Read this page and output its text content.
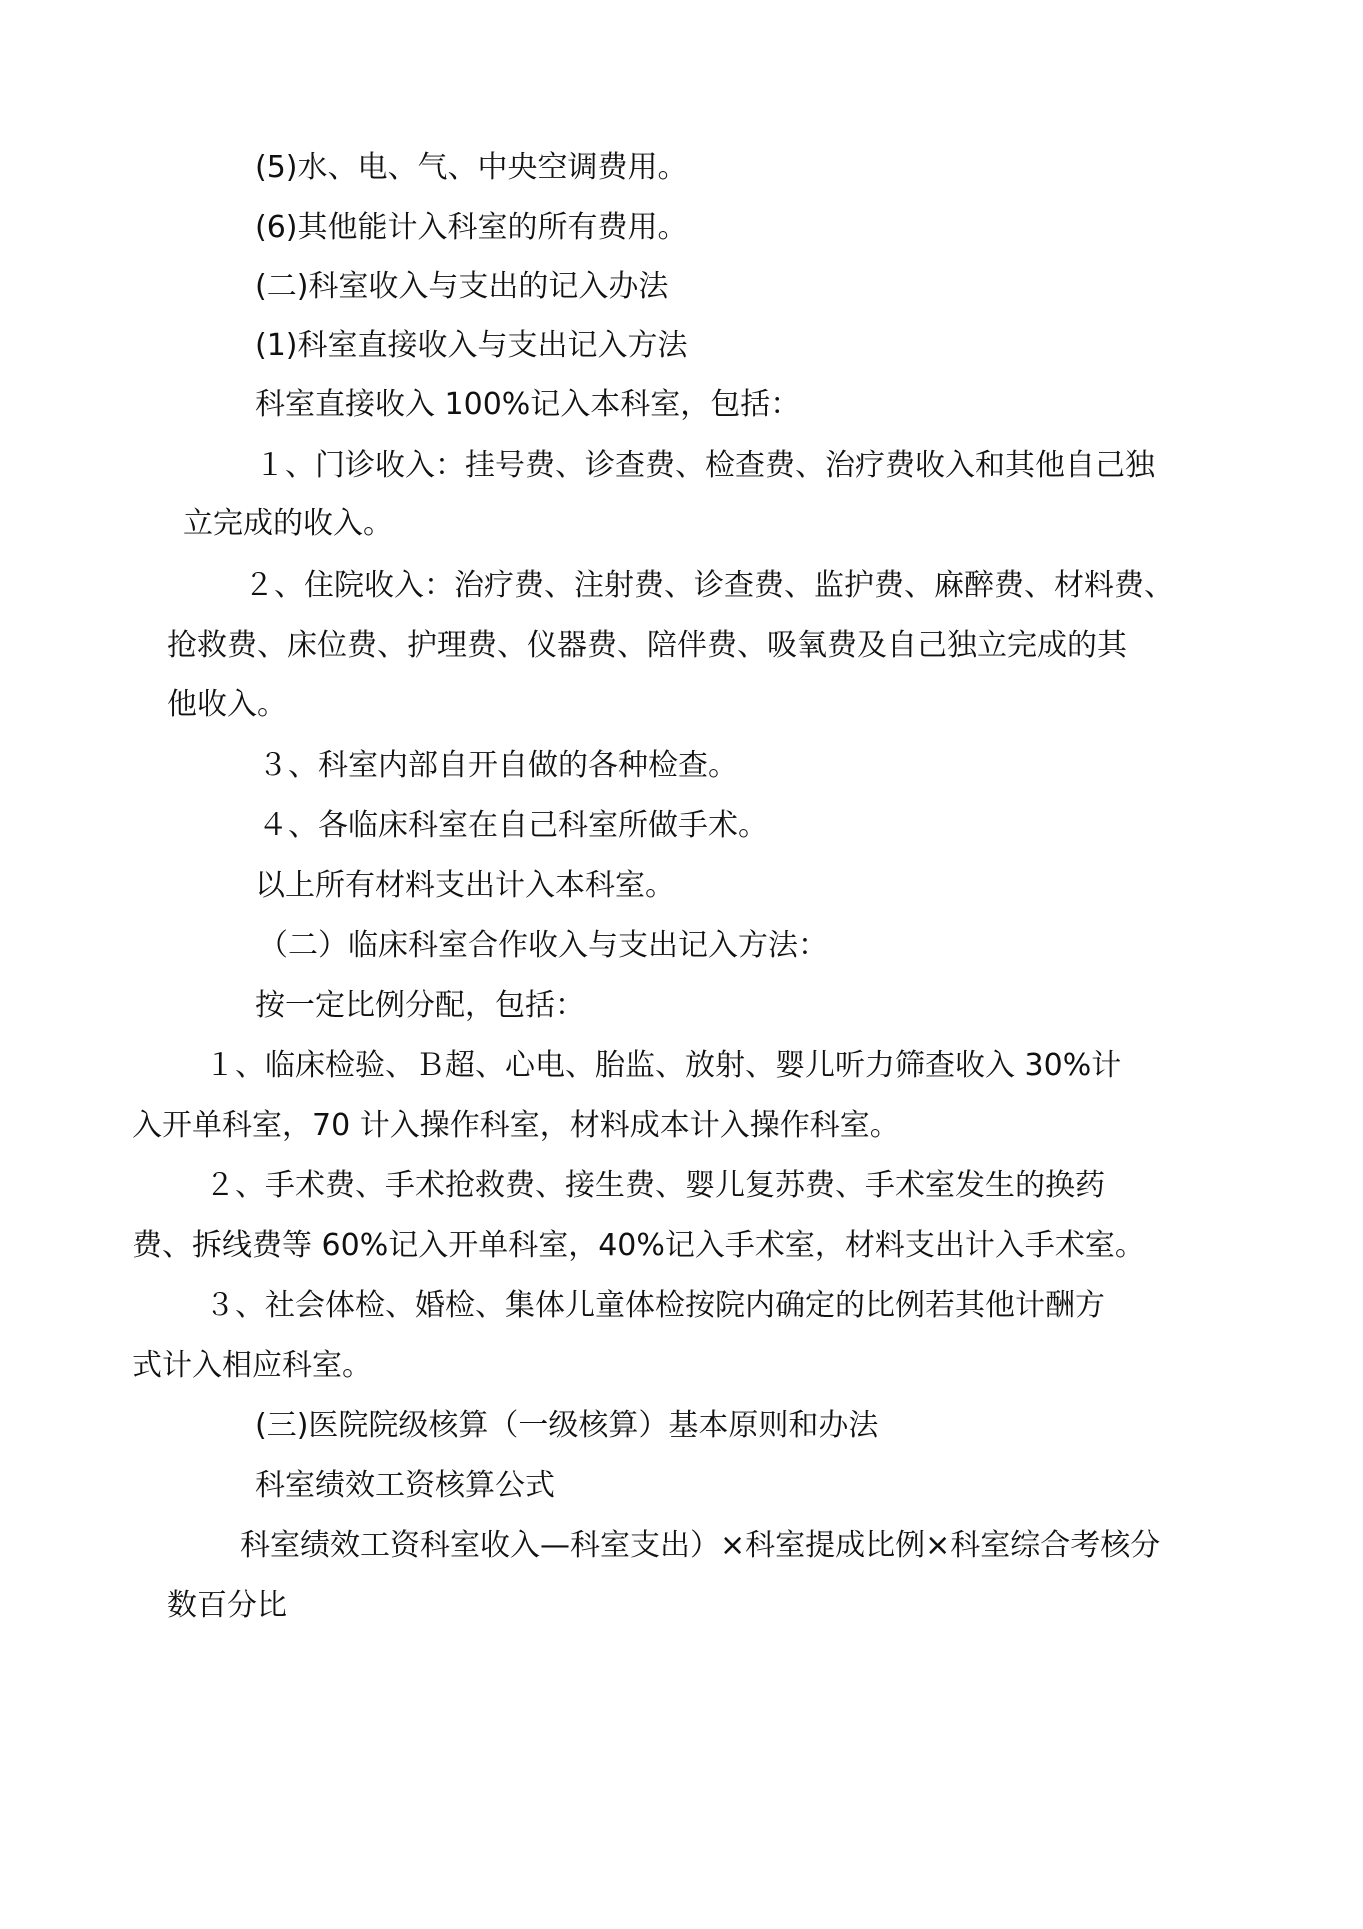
(5)水、电、气、中央空调费用。
(6)其他能计入科室的所有费用。
(二)科室收入与支出的记入办法
(1)科室直接收入与支出记入方法
科室直接收入 100%记入本科室，包括：
１、门诊收入：挂号费、诊查费、检查费、治疗费收入和其他自己独
立完成的收入。
２、住院收入：治疗费、注射费、诊查费、监护费、麻醉费、材料费、
抢救费、床位费、护理费、仪器费、陪伴费、吸氧费及自己独立完成的其
他收入。
３、科室内部自开自做的各种检查。
４、各临床科室在自己科室所做手术。
以上所有材料支出计入本科室。
（二）临床科室合作收入与支出记入方法：
按一定比例分配，包括：
１、临床检验、Ｂ超、心电、胎监、放射、婴儿听力筛查收入 30%计
入开单科室，70 计入操作科室，材料成本计入操作科室。
２、手术费、手术抢救费、接生费、婴儿复苏费、手术室发生的换药
费、拆线费等 60%记入开单科室，40%记入手术室，材料支出计入手术室。
３、社会体检、婚检、集体儿童体检按院内确定的比例若其他计酬方
式计入相应科室。
(三)医院院级核算（一级核算）基本原则和办法
科室绩效工资核算公式
科室绩效工资科室收入—科室支出）×科室提成比例×科室综合考核分
数百分比
